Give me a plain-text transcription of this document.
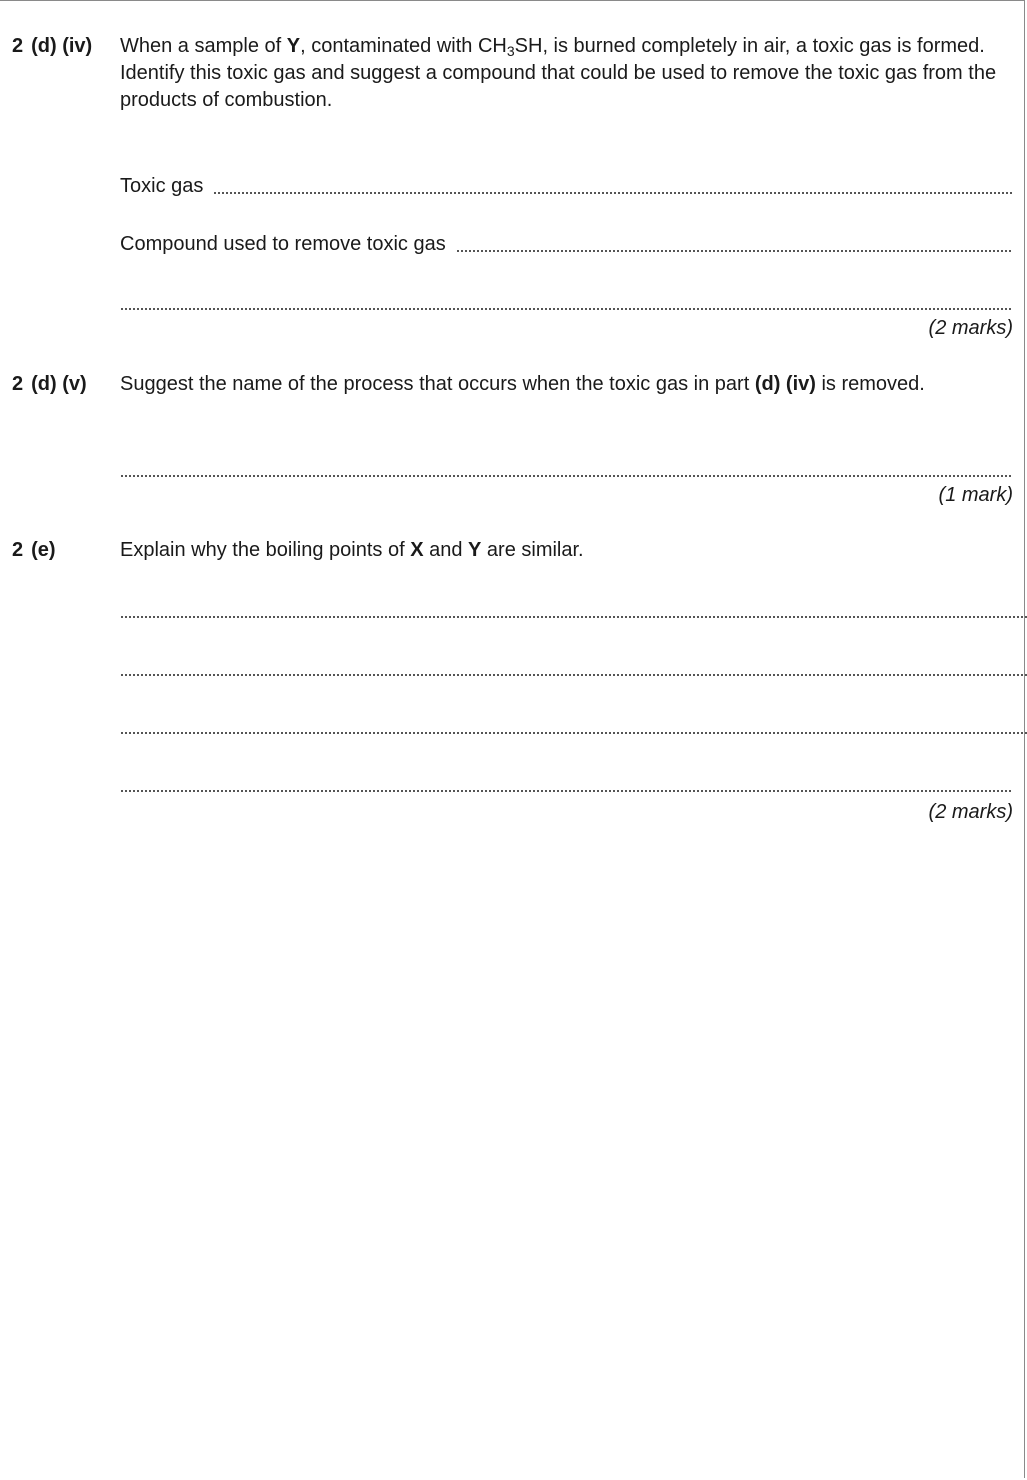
2 (d) (iv) When a sample of Y, contaminated with $CH_3SH$, is burned completely in air, a toxic gas is formed.

Identify this toxic gas and suggest a compound that could be used to remove the toxic gas from the products of combustion.

Toxic gas
Compound used to remove toxic gas
(2 marks)
2 (d) (v) Suggest the name of the process that occurs when the toxic gas in part (d) (iv) is removed.

(1 mark)
2 (e)	Explain why the boiling points of X and Y are similar.

(2 marks)
